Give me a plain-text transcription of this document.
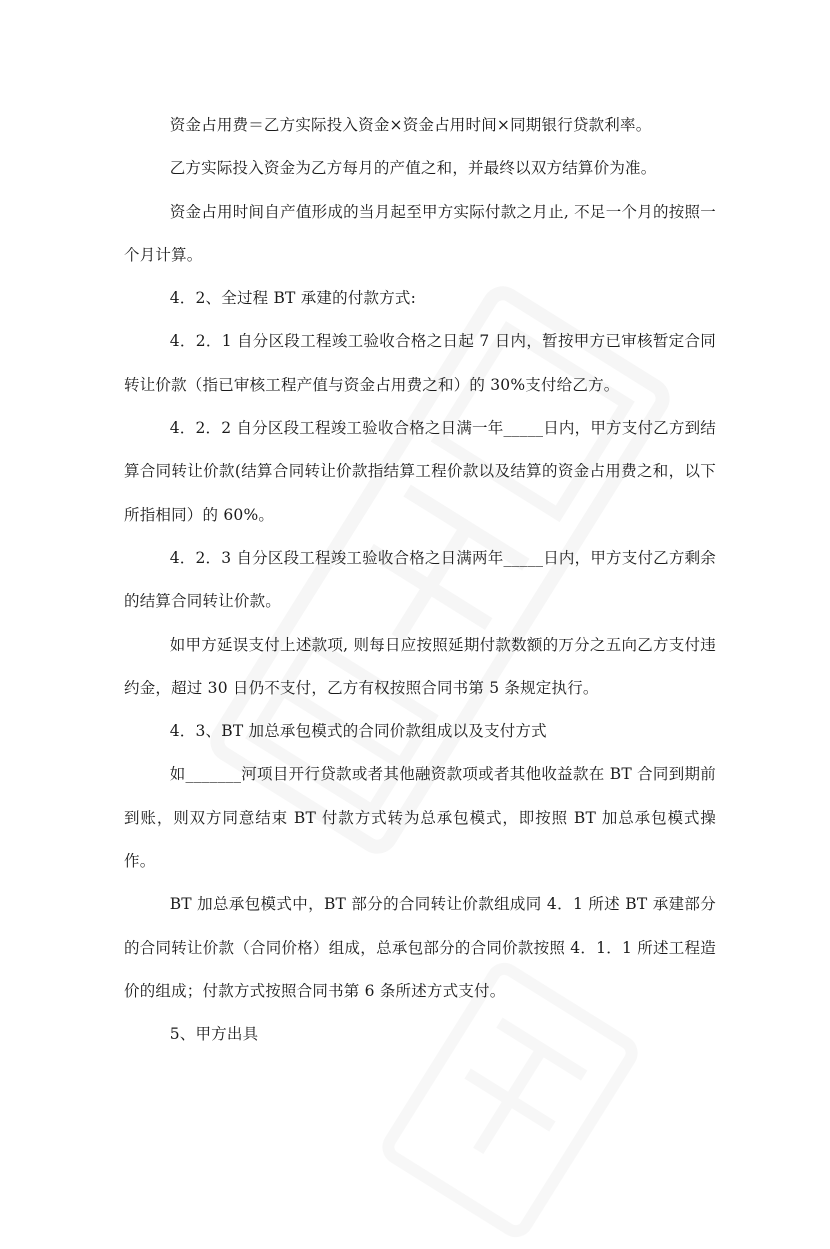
资金占用费＝乙方实际投入资金×资金占用时间×同期银行贷款利率。

乙方实际投入资金为乙方每月的产值之和，并最终以双方结算价为准。

资金占用时间自产值形成的当月起至甲方实际付款之月止, 不足一个月的按照一个月计算。

4．2、全过程 BT 承建的付款方式:

4．2．1 自分区段工程竣工验收合格之日起 7 日内，暂按甲方已审核暂定合同转让价款（指已审核工程产值与资金占用费之和）的 30%支付给乙方。

4．2．2 自分区段工程竣工验收合格之日满一年_____日内，甲方支付乙方到结算合同转让价款(结算合同转让价款指结算工程价款以及结算的资金占用费之和，以下所指相同）的 60%。

4．2．3 自分区段工程竣工验收合格之日满两年_____日内，甲方支付乙方剩余的结算合同转让价款。

如甲方延误支付上述款项, 则每日应按照延期付款数额的万分之五向乙方支付违约金，超过 30 日仍不支付，乙方有权按照合同书第 5 条规定执行。

4．3、BT 加总承包模式的合同价款组成以及支付方式

如_______河项目开行贷款或者其他融资款项或者其他收益款在 BT 合同到期前到账，则双方同意结束 BT 付款方式转为总承包模式，即按照 BT 加总承包模式操作。

BT 加总承包模式中，BT 部分的合同转让价款组成同 4．1 所述 BT 承建部分的合同转让价款（合同价格）组成，总承包部分的合同价款按照 4．1．1 所述工程造价的组成；付款方式按照合同书第 6 条所述方式支付。

5、甲方出具
